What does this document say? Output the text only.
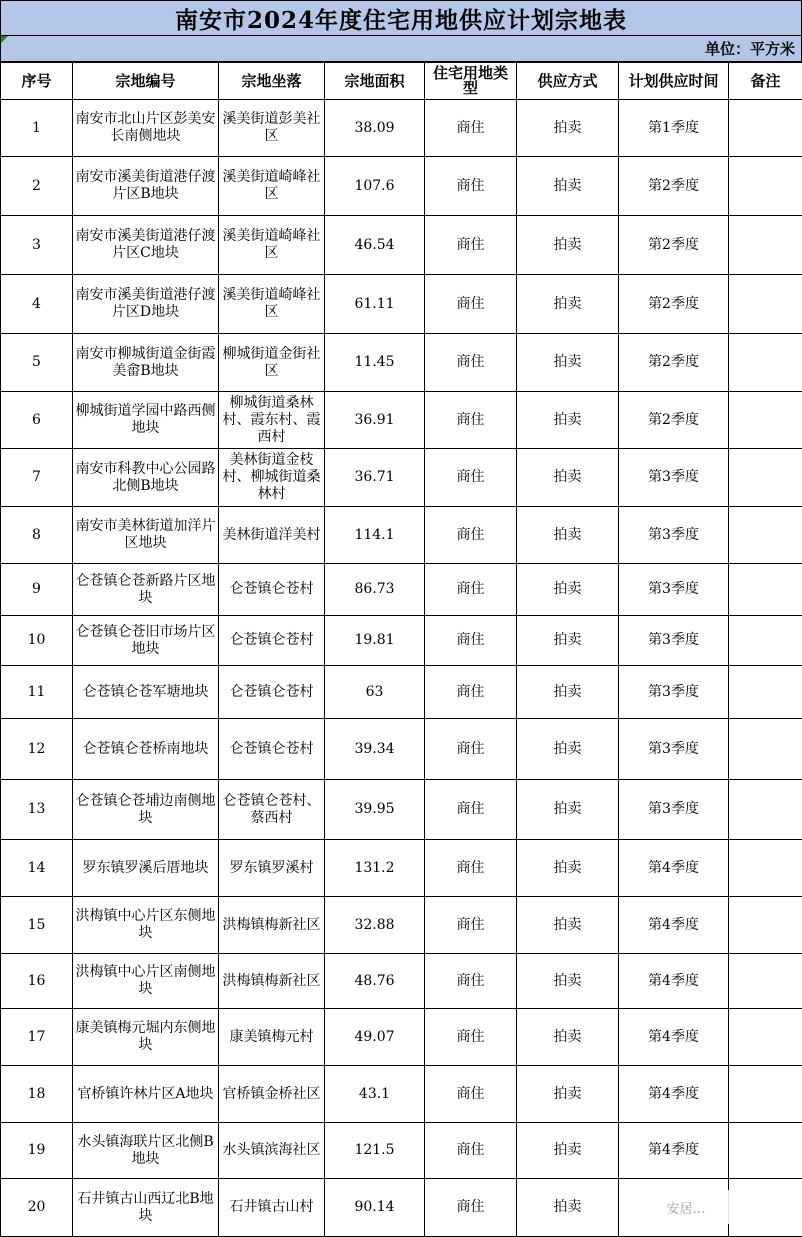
南安市2024年度住宅用地供应计划宗地表
单位：平方米
序号	宗地编号	宗地坐落	宗地面积	住宅用地类型	供应方式	计划供应时间	备注
1	南安市北山片区彭美安长南侧地块	溪美街道彭美社区	38.09	商住	拍卖	第1季度	
2	南安市溪美街道港仔渡片区B地块	溪美街道崎峰社区	107.6	商住	拍卖	第2季度	
3	南安市溪美街道港仔渡片区C地块	溪美街道崎峰社区	46.54	商住	拍卖	第2季度	
4	南安市溪美街道港仔渡片区D地块	溪美街道崎峰社区	61.11	商住	拍卖	第2季度	
5	南安市柳城街道金街霞美畲B地块	柳城街道金街社区	11.45	商住	拍卖	第2季度	
6	柳城街道学园中路西侧地块	柳城街道桑林村、霞东村、霞西村	36.91	商住	拍卖	第2季度	
7	南安市科教中心公园路北侧B地块	美林街道金枝村、柳城街道桑林村	36.71	商住	拍卖	第3季度	
8	南安市美林街道加洋片区地块	美林街道洋美村	114.1	商住	拍卖	第3季度	
9	仑苍镇仑苍新路片区地块	仑苍镇仑苍村	86.73	商住	拍卖	第3季度	
10	仑苍镇仑苍旧市场片区地块	仑苍镇仑苍村	19.81	商住	拍卖	第3季度	
11	仑苍镇仑苍军塘地块	仑苍镇仑苍村	63	商住	拍卖	第3季度	
12	仑苍镇仑苍桥南地块	仑苍镇仑苍村	39.34	商住	拍卖	第3季度	
13	仑苍镇仑苍埔边南侧地块	仑苍镇仑苍村、蔡西村	39.95	商住	拍卖	第3季度	
14	罗东镇罗溪后厝地块	罗东镇罗溪村	131.2	商住	拍卖	第4季度	
15	洪梅镇中心片区东侧地块	洪梅镇梅新社区	32.88	商住	拍卖	第4季度	
16	洪梅镇中心片区南侧地块	洪梅镇梅新社区	48.76	商住	拍卖	第4季度	
17	康美镇梅元堀内东侧地块	康美镇梅元村	49.07	商住	拍卖	第4季度	
18	官桥镇许林片区A地块	官桥镇金桥社区	43.1	商住	拍卖	第4季度	
19	水头镇海联片区北侧B地块	水头镇滨海社区	121.5	商住	拍卖	第4季度	
20	石井镇古山西辽北B地块	石井镇古山村	90.14	商住	拍卖			安居…
